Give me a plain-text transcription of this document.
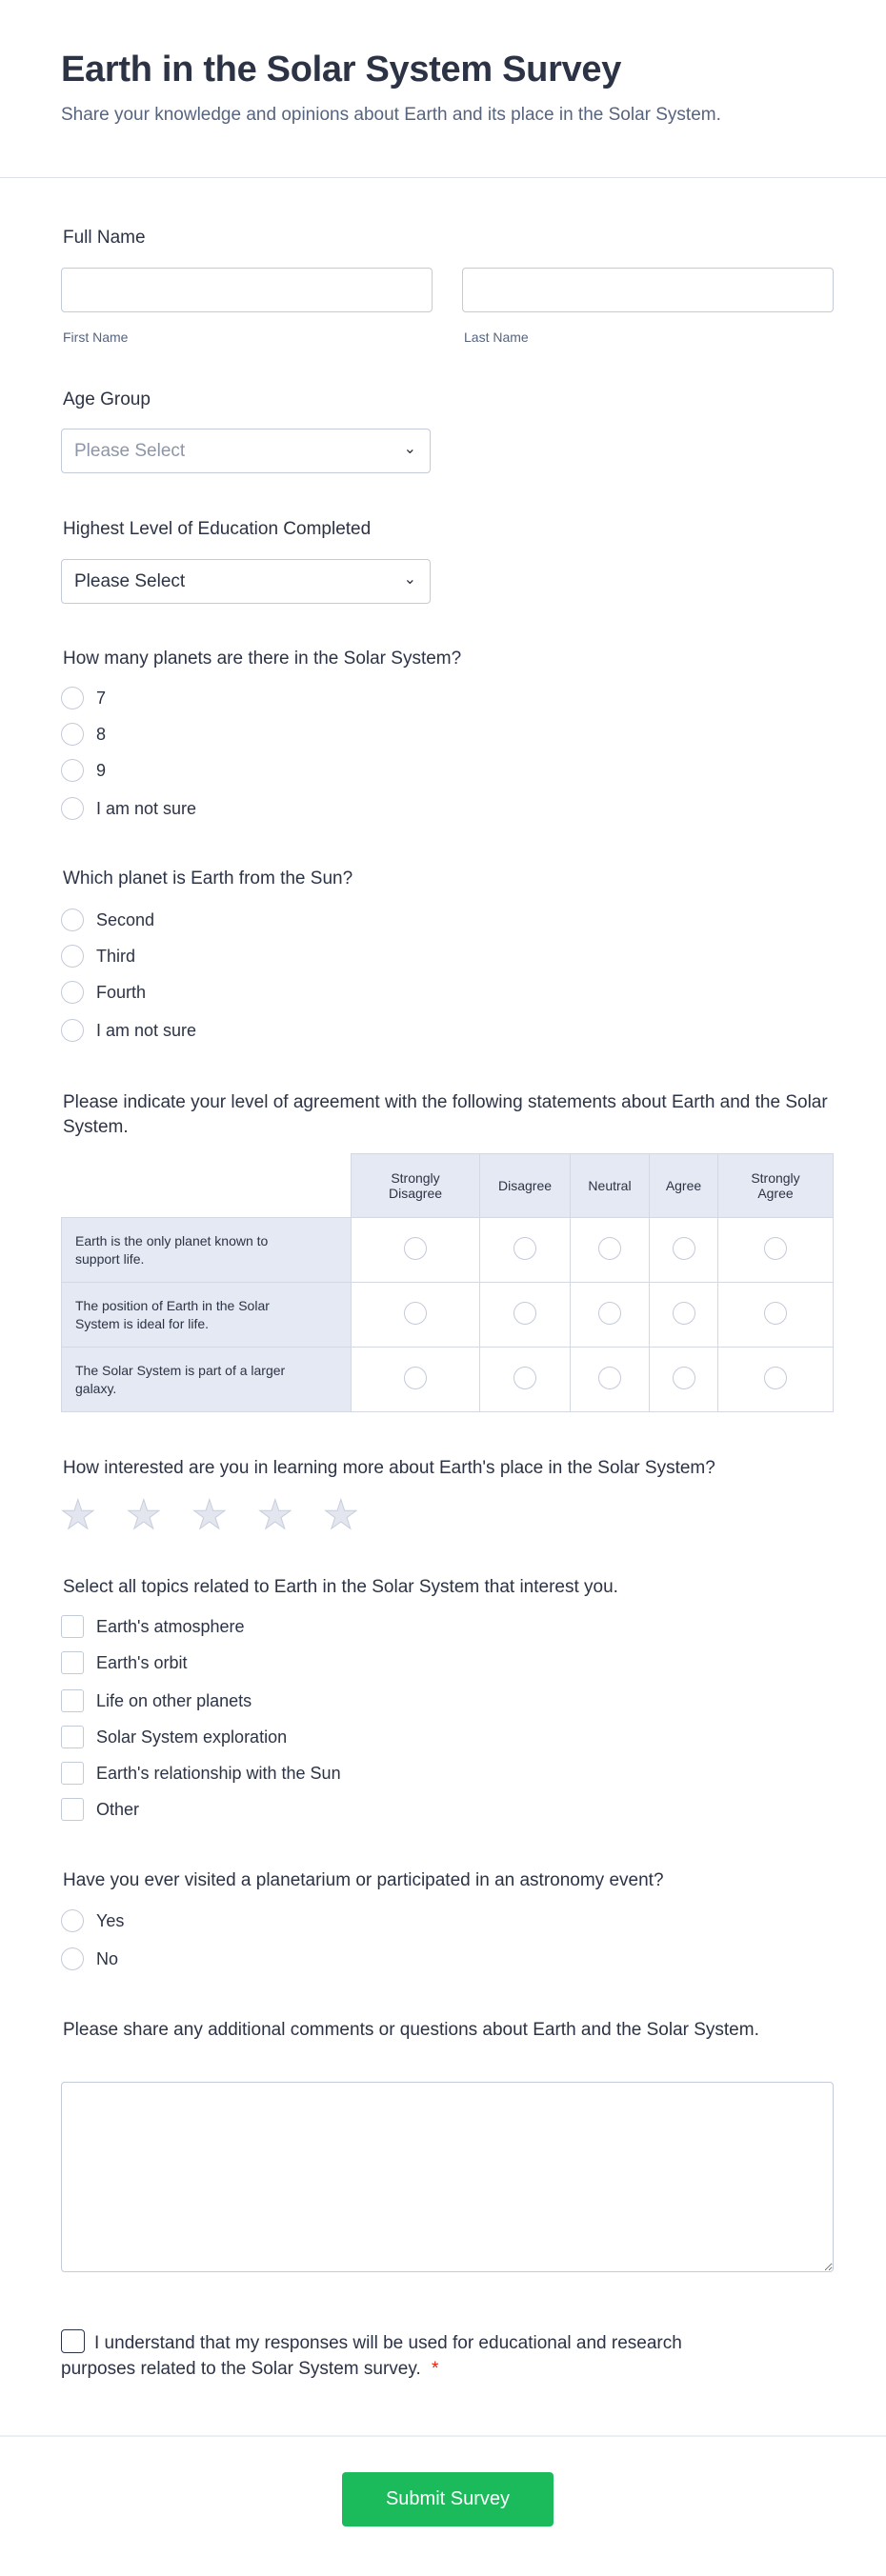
Earth in the Solar System Survey
Share your knowledge and opinions about Earth and its place in the Solar System.
Full Name
First Name	Last Name
Age Group
Please Select	⌄
Highest Level of Education Completed
Please Select	⌄
How many planets are there in the Solar System?
7
8
9
I am not sure
Which planet is Earth from the Sun?
Second
Third
Fourth
I am not sure
Please indicate your level of agreement with the following statements about Earth and the Solar System.
	Strongly Disagree	Disagree	Neutral	Agree	Strongly Agree
Earth is the only planet known to support life.					
The position of Earth in the Solar System is ideal for life.					
The Solar System is part of a larger galaxy.					
How interested are you in learning more about Earth's place in the Solar System?
★ ★ ★ ★ ★
Select all topics related to Earth in the Solar System that interest you.
Earth's atmosphere
Earth's orbit
Life on other planets
Solar System exploration
Earth's relationship with the Sun
Other
Have you ever visited a planetarium or participated in an astronomy event?
Yes
No
Please share any additional comments or questions about Earth and the Solar System.
I understand that my responses will be used for educational and research purposes related to the Solar System survey. *
Submit Survey
